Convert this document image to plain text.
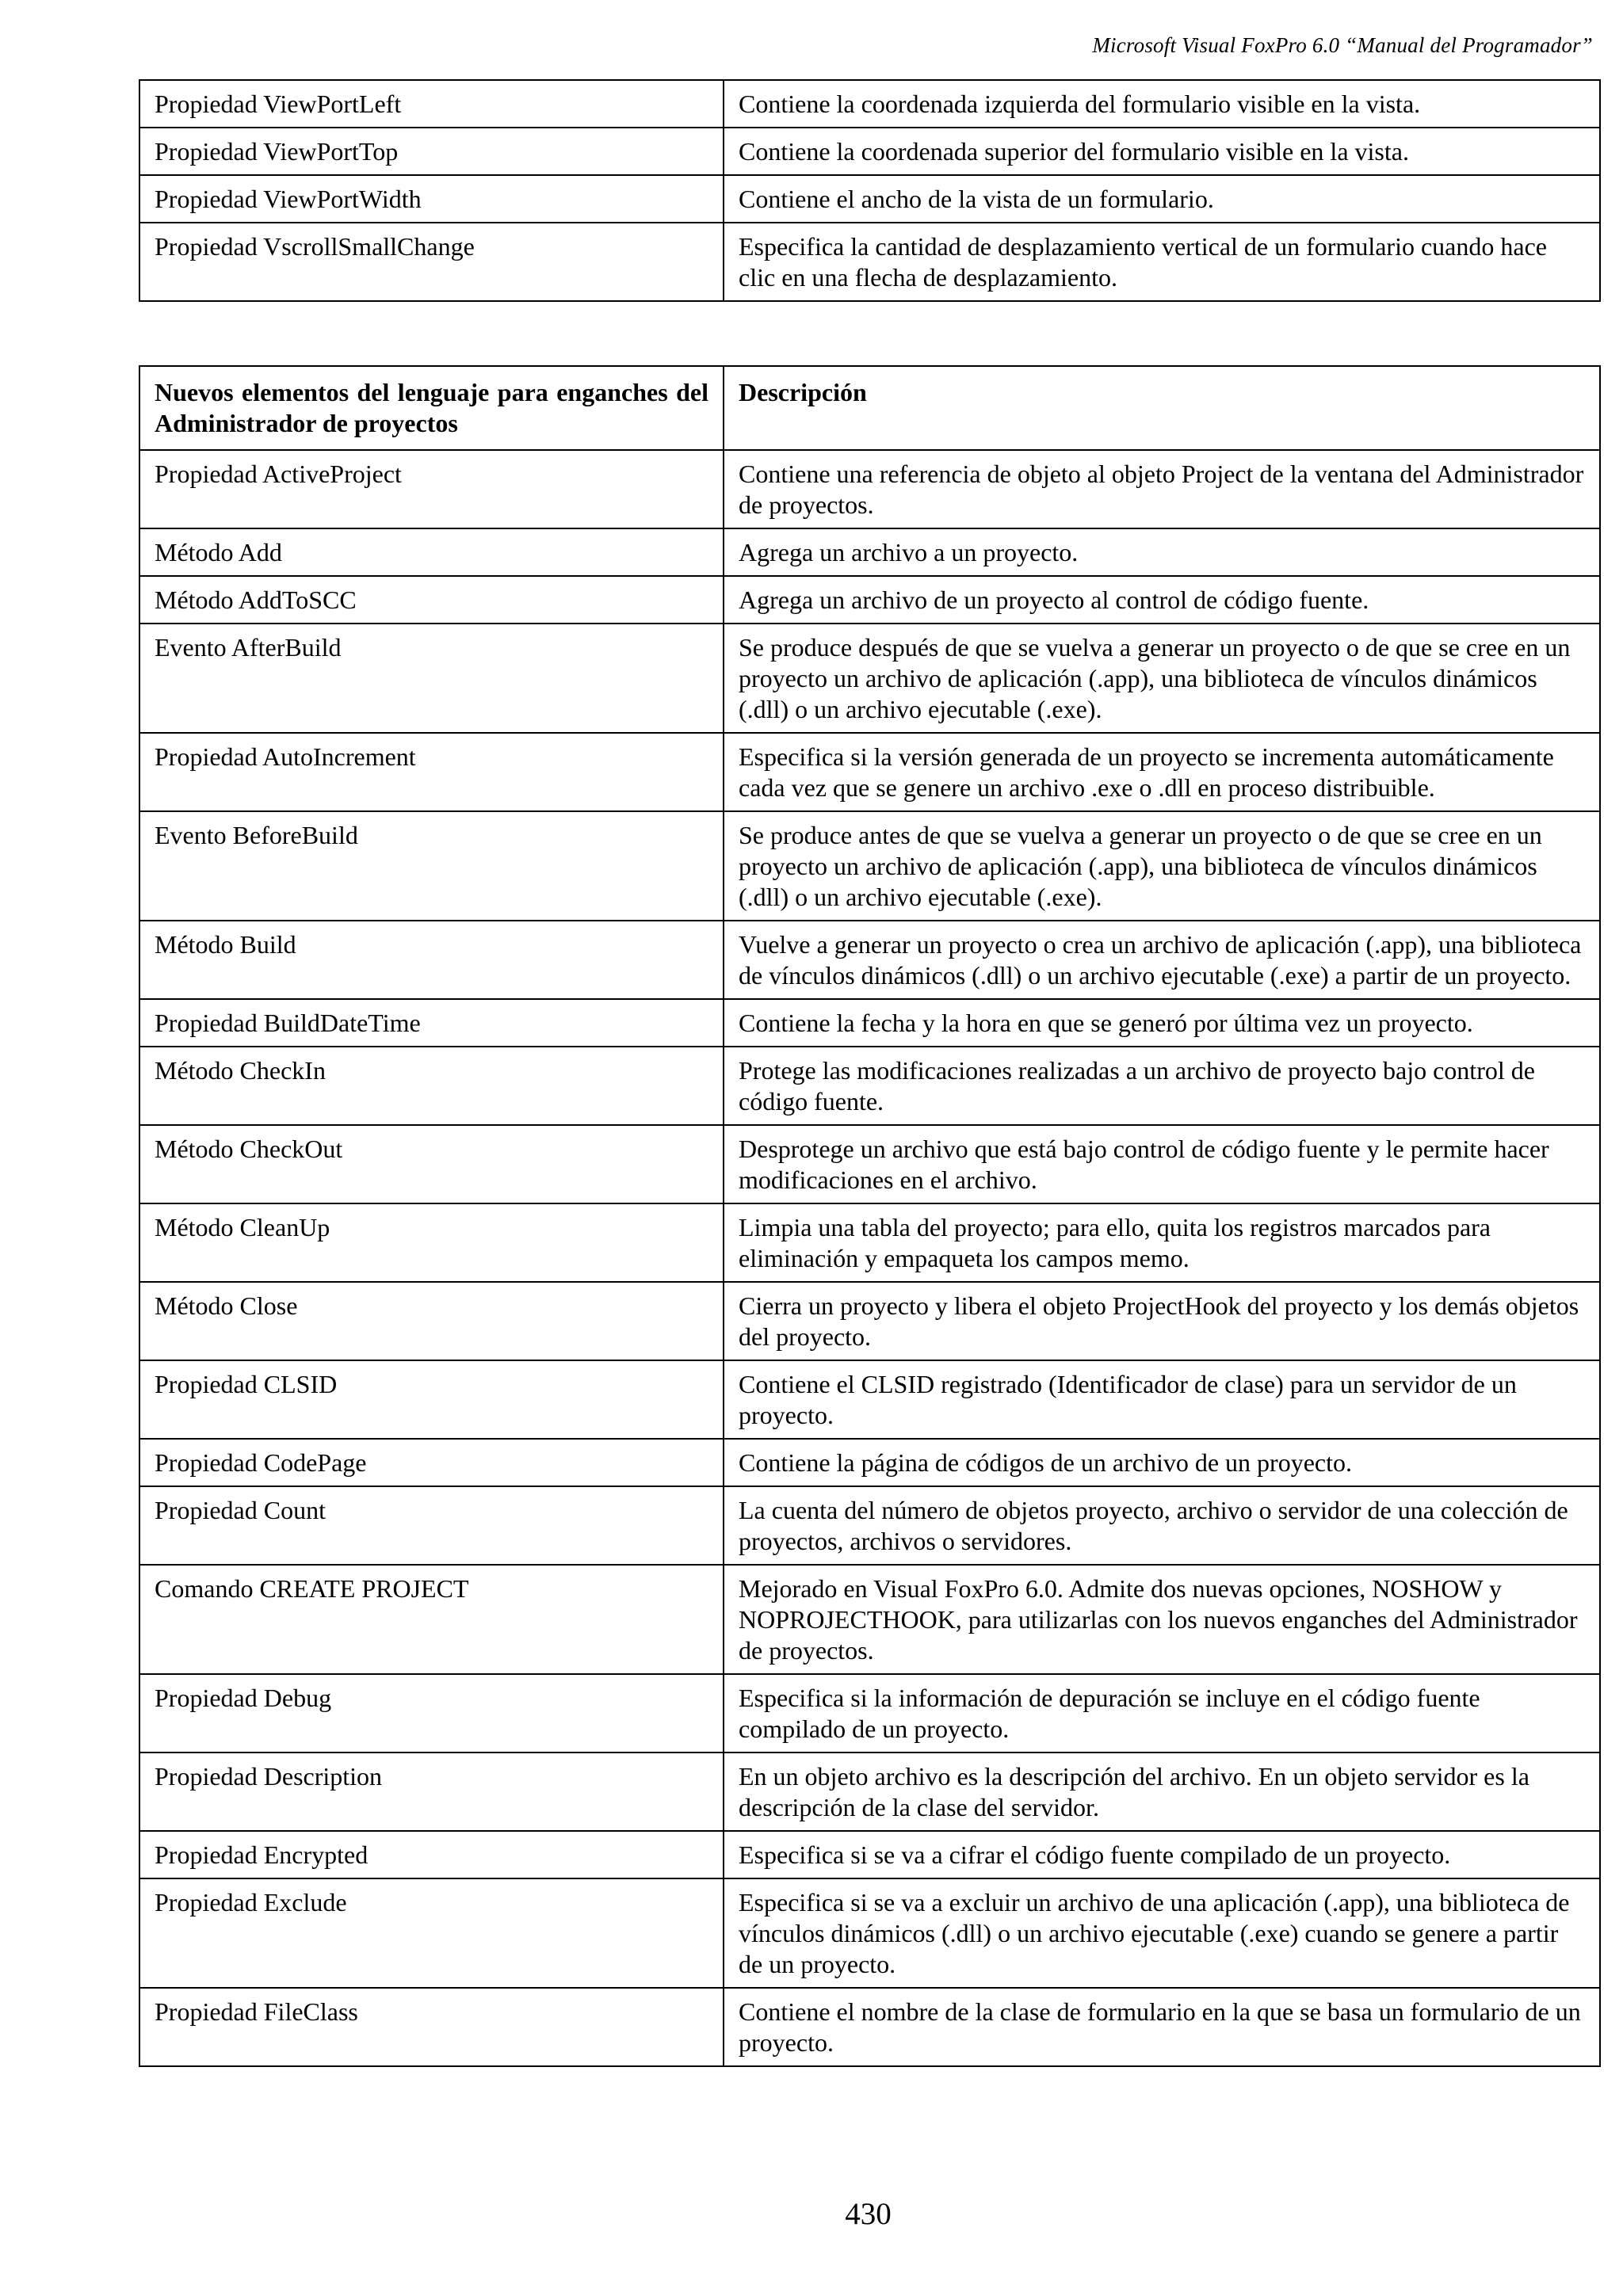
Microsoft Visual FoxPro 6.0 “Manual del Programador”
Propiedad ViewPortLeft	Contiene la coordenada izquierda del formulario visible en la vista.
Propiedad ViewPortTop	Contiene la coordenada superior del formulario visible en la vista.
Propiedad ViewPortWidth	Contiene el ancho de la vista de un formulario.
Propiedad VscrollSmallChange	Especifica la cantidad de desplazamiento vertical de un formulario cuando hace clic en una flecha de desplazamiento.
Nuevos elementos del lenguaje para enganches del Administrador de proyectos	Descripción
Propiedad ActiveProject	Contiene una referencia de objeto al objeto Project de la ventana del Administrador de proyectos.
Método Add	Agrega un archivo a un proyecto.
Método AddToSCC	Agrega un archivo de un proyecto al control de código fuente.
Evento AfterBuild	Se produce después de que se vuelva a generar un proyecto o de que se cree en un proyecto un archivo de aplicación (.app), una biblioteca de vínculos dinámicos (.dll) o un archivo ejecutable (.exe).
Propiedad AutoIncrement	Especifica si la versión generada de un proyecto se incrementa automáticamente cada vez que se genere un archivo .exe o .dll en proceso distribuible.
Evento BeforeBuild	Se produce antes de que se vuelva a generar un proyecto o de que se cree en un proyecto un archivo de aplicación (.app), una biblioteca de vínculos dinámicos (.dll) o un archivo ejecutable (.exe).
Método Build	Vuelve a generar un proyecto o crea un archivo de aplicación (.app), una biblioteca de vínculos dinámicos (.dll) o un archivo ejecutable (.exe) a partir de un proyecto.
Propiedad BuildDateTime	Contiene la fecha y la hora en que se generó por última vez un proyecto.
Método CheckIn	Protege las modificaciones realizadas a un archivo de proyecto bajo control de código fuente.
Método CheckOut	Desprotege un archivo que está bajo control de código fuente y le permite hacer modificaciones en el archivo.
Método CleanUp	Limpia una tabla del proyecto; para ello, quita los registros marcados para eliminación y empaqueta los campos memo.
Método Close	Cierra un proyecto y libera el objeto ProjectHook del proyecto y los demás objetos del proyecto.
Propiedad CLSID	Contiene el CLSID registrado (Identificador de clase) para un servidor de un proyecto.
Propiedad CodePage	Contiene la página de códigos de un archivo de un proyecto.
Propiedad Count	La cuenta del número de objetos proyecto, archivo o servidor de una colección de proyectos, archivos o servidores.
Comando CREATE PROJECT	Mejorado en Visual FoxPro 6.0. Admite dos nuevas opciones, NOSHOW y NOPROJECTHOOK, para utilizarlas con los nuevos enganches del Administrador de proyectos.
Propiedad Debug	Especifica si la información de depuración se incluye en el código fuente compilado de un proyecto.
Propiedad Description	En un objeto archivo es la descripción del archivo. En un objeto servidor es la descripción de la clase del servidor.
Propiedad Encrypted	Especifica si se va a cifrar el código fuente compilado de un proyecto.
Propiedad Exclude	Especifica si se va a excluir un archivo de una aplicación (.app), una biblioteca de vínculos dinámicos (.dll) o un archivo ejecutable (.exe) cuando se genere a partir de un proyecto.
Propiedad FileClass	Contiene el nombre de la clase de formulario en la que se basa un formulario de un proyecto.
430
